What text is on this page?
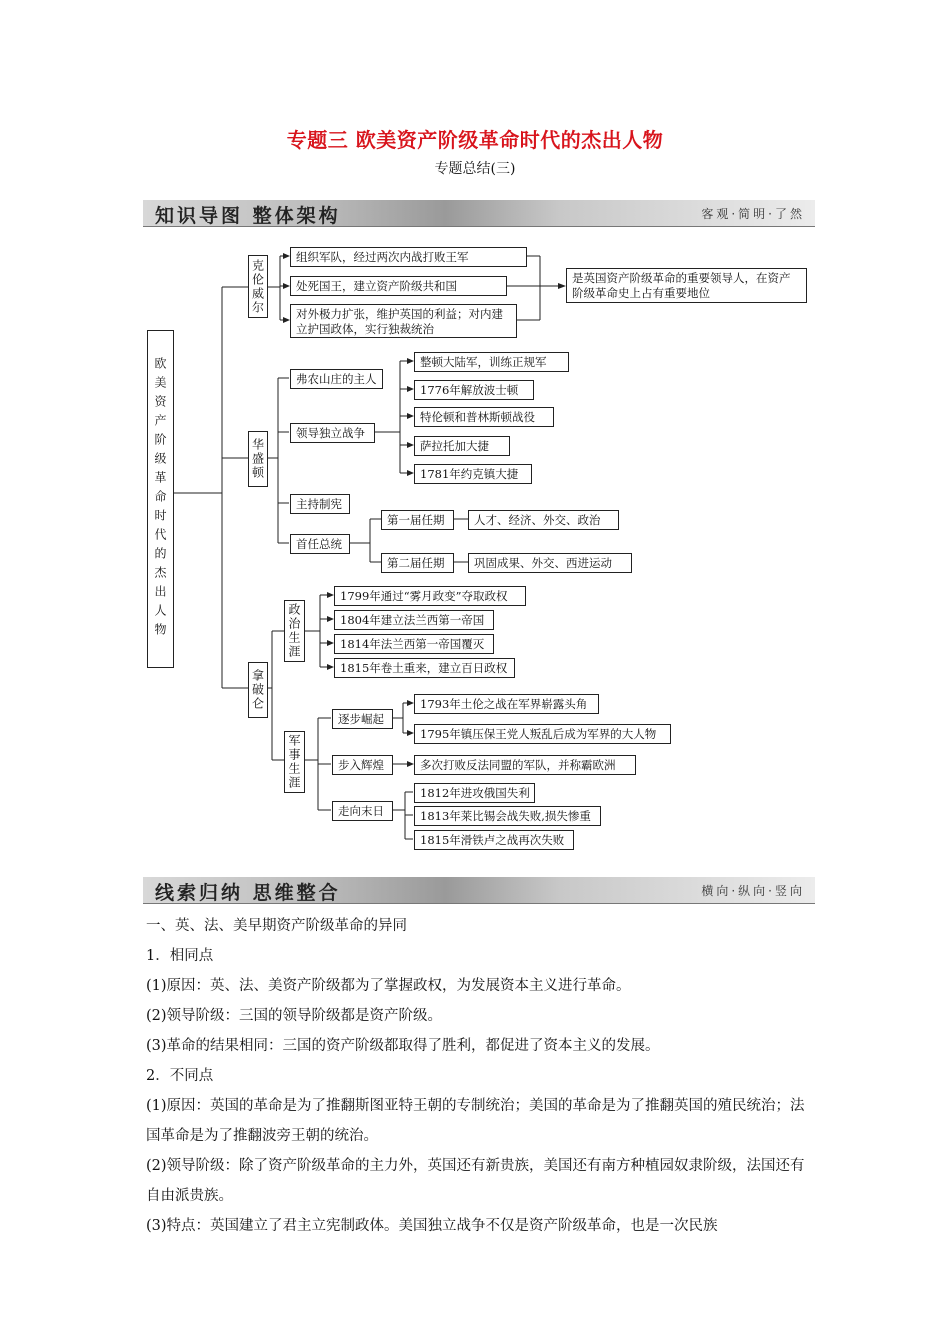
专题三 欧美资产阶级革命时代的杰出人物
专题总结(三)
知识导图 整体架构	客观·简明·了然
欧美资产阶级革命时代的杰出人物
克伦威尔
组织军队，经过两次内战打败王军
处死国王，建立资产阶级共和国
对外极力扩张，维护英国的利益；对内建立护国政体，实行独裁统治
是英国资产阶级革命的重要领导人，在资产阶级革命史上占有重要地位
华盛顿
弗农山庄的主人
领导独立战争
整顿大陆军，训练正规军
1776年解放波士顿
特伦顿和普林斯顿战役
萨拉托加大捷
1781年约克镇大捷
主持制宪
首任总统
第一届任期	人才、经济、外交、政治
第二届任期	巩固成果、外交、西进运动
拿破仑
政治生涯
1799年通过“雾月政变”夺取政权
1804年建立法兰西第一帝国
1814年法兰西第一帝国覆灭
1815年卷土重来，建立百日政权
军事生涯
逐步崛起
1793年土伦之战在军界崭露头角
1795年镇压保王党人叛乱后成为军界的大人物
步入辉煌	多次打败反法同盟的军队，并称霸欧洲
走向末日
1812年进攻俄国失利
1813年莱比锡会战失败,损失惨重
1815年滑铁卢之战再次失败
线索归纳 思维整合	横向·纵向·竖向

一、英、法、美早期资产阶级革命的异同

1．相同点

(1)原因：英、法、美资产阶级都为了掌握政权，为发展资本主义进行革命。

(2)领导阶级：三国的领导阶级都是资产阶级。

(3)革命的结果相同：三国的资产阶级都取得了胜利，都促进了资本主义的发展。

2．不同点

(1)原因：英国的革命是为了推翻斯图亚特王朝的专制统治；美国的革命是为了推翻英国的殖民统治；法国革命是为了推翻波旁王朝的统治。

(2)领导阶级：除了资产阶级革命的主力外，英国还有新贵族，美国还有南方种植园奴隶阶级，法国还有自由派贵族。

(3)特点：英国建立了君主立宪制政体。美国独立战争不仅是资产阶级革命，也是一次民族
